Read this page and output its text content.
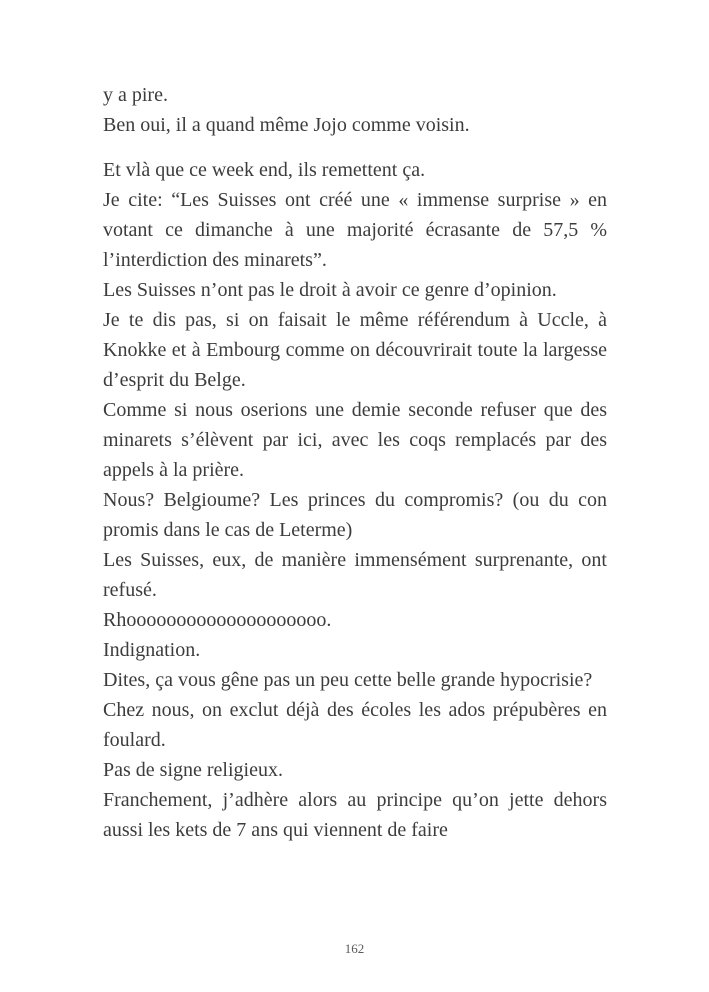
y a pire.

Ben oui, il a quand même Jojo comme voisin.

Et vlà que ce week end, ils remettent ça.

Je cite: “Les Suisses ont créé une « immense surprise » en votant ce dimanche à une majorité écrasante de 57,5 % l’interdiction des minarets”.

Les Suisses n’ont pas le droit à avoir ce genre d’opinion.

Je te dis pas, si on faisait le même référendum à Uccle, à Knokke et à Embourg comme on découvrirait toute la largesse d’esprit du Belge.

Comme si nous oserions une demie seconde refuser que des minarets s’élèvent par ici, avec les coqs remplacés par des appels à la prière.

Nous? Belgioume? Les princes du compromis? (ou du con promis dans le cas de Leterme)

Les Suisses, eux, de manière immensément surprenante, ont refusé.

Rhoooooooooooooooooooo.

Indignation.

Dites, ça vous gêne pas un peu cette belle grande hypocrisie?

Chez nous, on exclut déjà des écoles les ados prépubères en foulard.

Pas de signe religieux.

Franchement, j’adhère alors au principe qu’on jette dehors aussi les kets de 7 ans qui viennent de faire

162
